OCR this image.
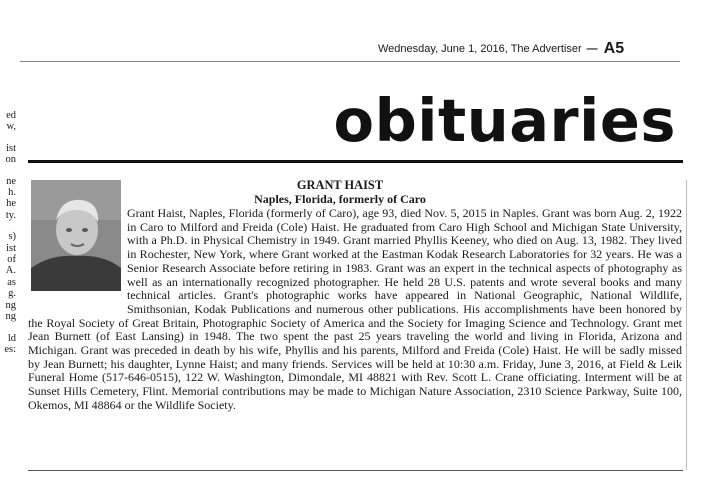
Wednesday, June 1, 2016, The Advertiser — A5
ed
w,
ist
on
ne
h.
he
ty.
s)
ist
of
A.
as
g.
ng
ng
ld
es:
obituaries
GRANT HAIST
Naples, Florida, formerly of Caro

Grant Haist, Naples, Florida (formerly of Caro), age 93, died Nov. 5, 2015 in Naples. Grant was born Aug. 2, 1922 in Caro to Milford and Freida (Cole) Haist. He graduated from Caro High School and Michigan State University, with a Ph.D. in Physical Chemistry in 1949. Grant married Phyllis Keeney, who died on Aug. 13, 1982. They lived in Rochester, New York, where Grant worked at the Eastman Kodak Research Laboratories for 32 years. He was a Senior Research Associate before retiring in 1983. Grant was an expert in the technical aspects of photography as well as an internationally recognized photographer. He held 28 U.S. patents and wrote several books and many technical articles. Grant's photographic works have appeared in National Geographic, National Wildlife, Smithsonian, Kodak Publications and numerous other publications. His accomplishments have been honored by the Royal Society of Great Britain, Photographic Society of America and the Society for Imaging Science and Technology. Grant met Jean Burnett (of East Lansing) in 1948. The two spent the past 25 years traveling the world and living in Florida, Arizona and Michigan. Grant was preceded in death by his wife, Phyllis and his parents, Milford and Freida (Cole) Haist. He will be sadly missed by Jean Burnett; his daughter, Lynne Haist; and many friends. Services will be held at 10:30 a.m. Friday, June 3, 2016, at Field & Leik Funeral Home (517-646-0515), 122 W. Washington, Dimondale, MI 48821 with Rev. Scott L. Crane officiating. Interment will be at Sunset Hills Cemetery, Flint. Memorial contributions may be made to Michigan Nature Association, 2310 Science Parkway, Suite 100, Okemos, MI 48864 or the Wildlife Society.
